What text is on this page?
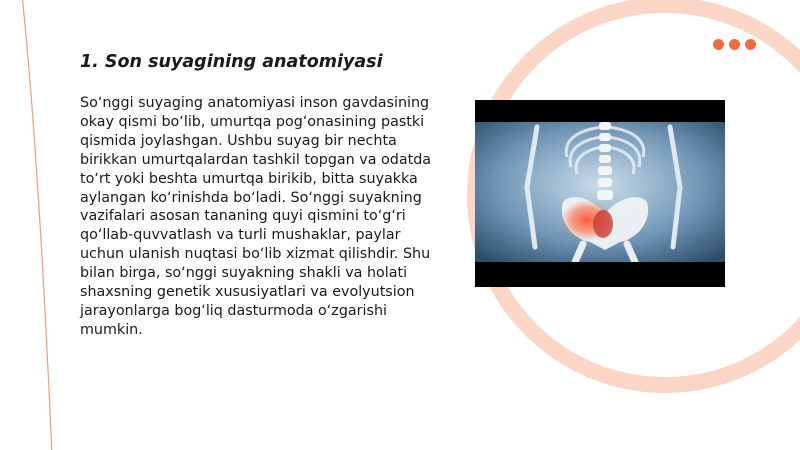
1. Son suyagining anatomiyasi

So‘nggi suyaging anatomiyasi inson gavdasining okay qismi bo‘lib, umurtqa pog‘onasining pastki qismida joylashgan. Ushbu suyag bir nechta birikkan umurtqalardan tashkil topgan va odatda to‘rt yoki beshta umurtqa birikib, bitta suyakka aylangan ko‘rinishda bo‘ladi. So‘nggi suyakning vazifalari asosan tananing quyi qismini to‘g‘ri qo‘llab-quvvatlash va turli mushaklar, paylar uchun ulanish nuqtasi bo‘lib xizmat qilishdir. Shu bilan birga, so‘nggi suyakning shakli va holati shaxsning genetik xususiyatlari va evolyutsion jarayonlarga bog‘liq dasturmoda o‘zgarishi mumkin.
